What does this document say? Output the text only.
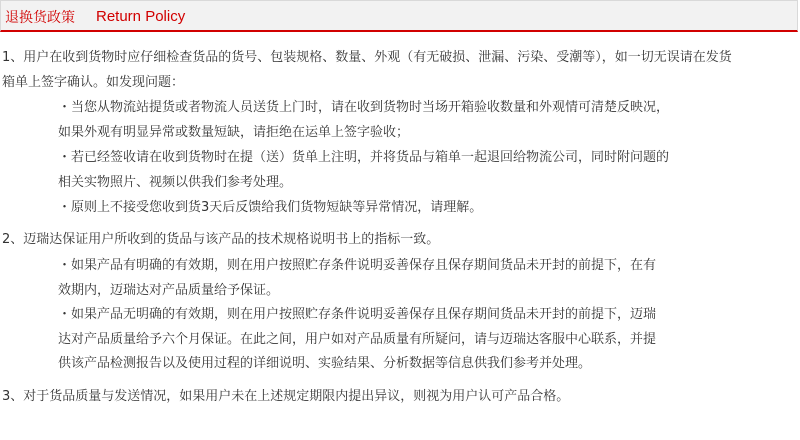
退换货政策 Return Policy
1、用户在收到货物时应仔细检查货品的货号、包装规格、数量、外观（有无破损、泄漏、污染、受潮等），如一切无误请在发货
箱单上签字确认。如发现问题：
・当您从物流站提货或者物流人员送货上门时，请在收到货物时当场开箱验收数量和外观情可清楚反映况，
如果外观有明显异常或数量短缺，请拒绝在运单上签字验收；
・若已经签收请在收到货物时在提（送）货单上注明，并将货品与箱单一起退回给物流公司，同时附问题的
相关实物照片、视频以供我们参考处理。
・原则上不接受您收到货3天后反馈给我们货物短缺等异常情况，请理解。
2、迈瑞达保证用户所收到的货品与该产品的技术规格说明书上的指标一致。
・如果产品有明确的有效期，则在用户按照贮存条件说明妥善保存且保存期间货品未开封的前提下，在有
效期内，迈瑞达对产品质量给予保证。
・如果产品无明确的有效期，则在用户按照贮存条件说明妥善保存且保存期间货品未开封的前提下，迈瑞
达对产品质量给予六个月保证。在此之间，用户如对产品质量有所疑问，请与迈瑞达客服中心联系，并提
供该产品检测报告以及使用过程的详细说明、实验结果、分析数据等信息供我们参考并处理。
3、对于货品质量与发送情况，如果用户未在上述规定期限内提出异议，则视为用户认可产品合格。
